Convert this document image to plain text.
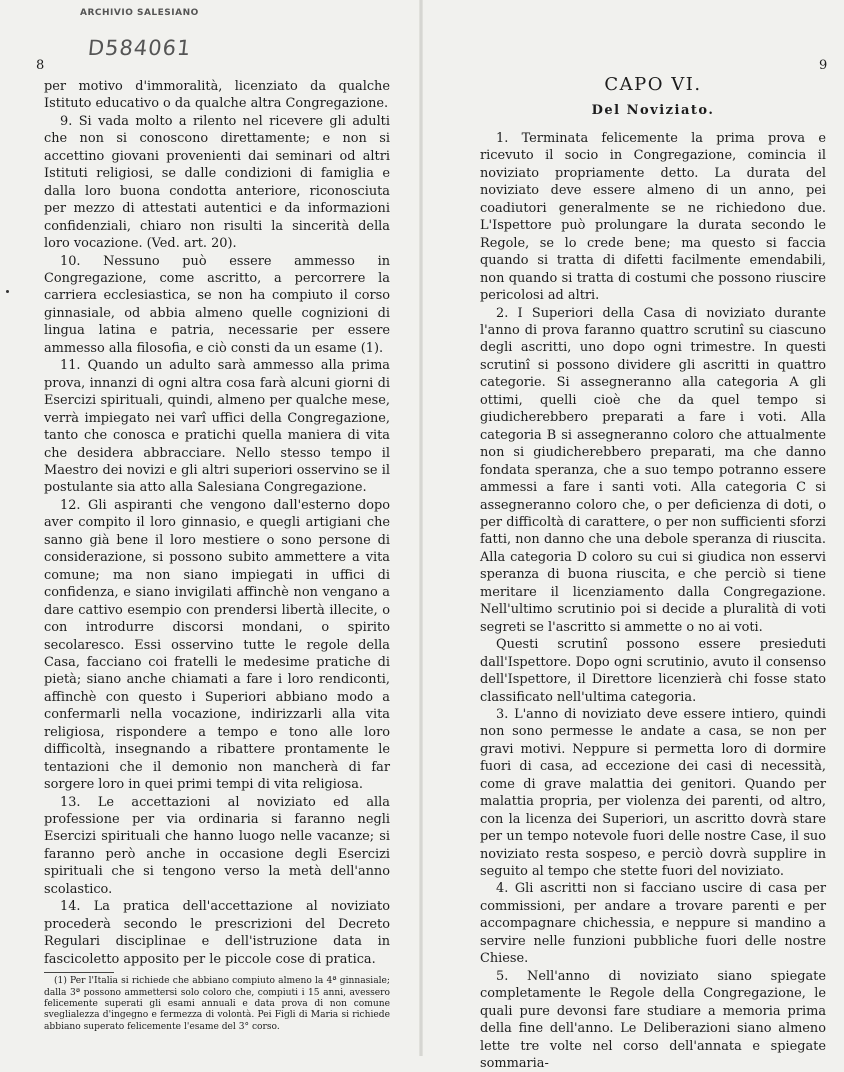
ARCHIVIO SALESIANO
D584061
8

per motivo d'immoralità, licenziato da qualche Istituto educativo o da qualche altra Congregazione.

9. Si vada molto a rilento nel ricevere gli adulti che non si conoscono direttamente; e non si accettino giovani provenienti dai seminari od altri Istituti religiosi, se dalle condizioni di famiglia e dalla loro buona condotta anteriore, riconosciuta per mezzo di attestati autentici e da informazioni confidenziali, chiaro non risulti la sincerità della loro vocazione. (Ved. art. 20).

10. Nessuno può essere ammesso in Congregazione, come ascritto, a percorrere la carriera ecclesiastica, se non ha compiuto il corso ginnasiale, od abbia almeno quelle cognizioni di lingua latina e patria, necessarie per essere ammesso alla filosofia, e ciò consti da un esame (1).

11. Quando un adulto sarà ammesso alla prima prova, innanzi di ogni altra cosa farà alcuni giorni di Esercizi spirituali, quindi, almeno per qualche mese, verrà impiegato nei varî uffici della Congregazione, tanto che conosca e pratichi quella maniera di vita che desidera abbracciare. Nello stesso tempo il Maestro dei novizi e gli altri superiori osservino se il postulante sia atto alla Salesiana Congregazione.

12. Gli aspiranti che vengono dall'esterno dopo aver compito il loro ginnasio, e quegli artigiani che sanno già bene il loro mestiere o sono persone di considerazione, si possono subito ammettere a vita comune; ma non siano impiegati in uffici di confidenza, e siano invigilati affinchè non vengano a dare cattivo esempio con prendersi libertà illecite, o con introdurre discorsi mondani, o spirito secolaresco. Essi osservino tutte le regole della Casa, facciano coi fratelli le medesime pratiche di pietà; siano anche chiamati a fare i loro rendiconti, affinchè con questo i Superiori abbiano modo a confermarli nella vocazione, indirizzarli alla vita religiosa, rispondere a tempo e tono alle loro difficoltà, insegnando a ribattere prontamente le tentazioni che il demonio non mancherà di far sorgere loro in quei primi tempi di vita religiosa.

13. Le accettazioni al noviziato ed alla professione per via ordinaria si faranno negli Esercizi spirituali che hanno luogo nelle vacanze; si faranno però anche in occasione degli Esercizi spirituali che si tengono verso la metà dell'anno scolastico.

14. La pratica dell'accettazione al noviziato procederà secondo le prescrizioni del Decreto Regulari disciplinae e dell'istruzione data in fascicoletto apposito per le piccole cose di pratica.

(1) Per l'Italia si richiede che abbiano compiuto almeno la 4ª ginnasiale; dalla 3ª possono ammettersi solo coloro che, compiuti i 15 anni, avessero felicemente superati gli esami annuali e data prova di non comune sveglialezza d'ingegno e fermezza di volontà. Pei Figli di Maria si richiede abbiano superato felicemente l'esame del 3° corso.

9
CAPO VI.
Del Noviziato.

1. Terminata felicemente la prima prova e ricevuto il socio in Congregazione, comincia il noviziato propriamente detto. La durata del noviziato deve essere almeno di un anno, pei coadiutori generalmente se ne richiedono due. L'Ispettore può prolungare la durata secondo le Regole, se lo crede bene; ma questo si faccia quando si tratta di difetti facilmente emendabili, non quando si tratta di costumi che possono riuscire pericolosi ad altri.

2. I Superiori della Casa di noviziato durante l'anno di prova faranno quattro scrutinî su ciascuno degli ascritti, uno dopo ogni trimestre. In questi scrutinî si possono dividere gli ascritti in quattro categorie. Si assegneranno alla categoria A gli ottimi, quelli cioè che da quel tempo si giudicherebbero preparati a fare i voti. Alla categoria B si assegneranno coloro che attualmente non si giudicherebbero preparati, ma che danno fondata speranza, che a suo tempo potranno essere ammessi a fare i santi voti. Alla categoria C si assegneranno coloro che, o per deficienza di doti, o per difficoltà di carattere, o per non sufficienti sforzi fatti, non danno che una debole speranza di riuscita. Alla categoria D coloro su cui si giudica non esservi speranza di buona riuscita, e che perciò si tiene meritare il licenziamento dalla Congregazione. Nell'ultimo scrutinio poi si decide a pluralità di voti segreti se l'ascritto si ammette o no ai voti.

Questi scrutinî possono essere presieduti dall'Ispettore. Dopo ogni scrutinio, avuto il consenso dell'Ispettore, il Direttore licenzierà chi fosse stato classificato nell'ultima categoria.

3. L'anno di noviziato deve essere intiero, quindi non sono permesse le andate a casa, se non per gravi motivi. Neppure si permetta loro di dormire fuori di casa, ad eccezione dei casi di necessità, come di grave malattia dei genitori. Quando per malattia propria, per violenza dei parenti, od altro, con la licenza dei Superiori, un ascritto dovrà stare per un tempo notevole fuori delle nostre Case, il suo noviziato resta sospeso, e perciò dovrà supplire in seguito al tempo che stette fuori del noviziato.

4. Gli ascritti non si facciano uscire di casa per commissioni, per andare a trovare parenti e per accompagnare chichessia, e neppure si mandino a servire nelle funzioni pubbliche fuori delle nostre Chiese.

5. Nell'anno di noviziato siano spiegate completamente le Regole della Congregazione, le quali pure devonsi fare studiare a memoria prima della fine dell'anno. Le Deliberazioni siano almeno lette tre volte nel corso dell'annata e spiegate sommaria-
